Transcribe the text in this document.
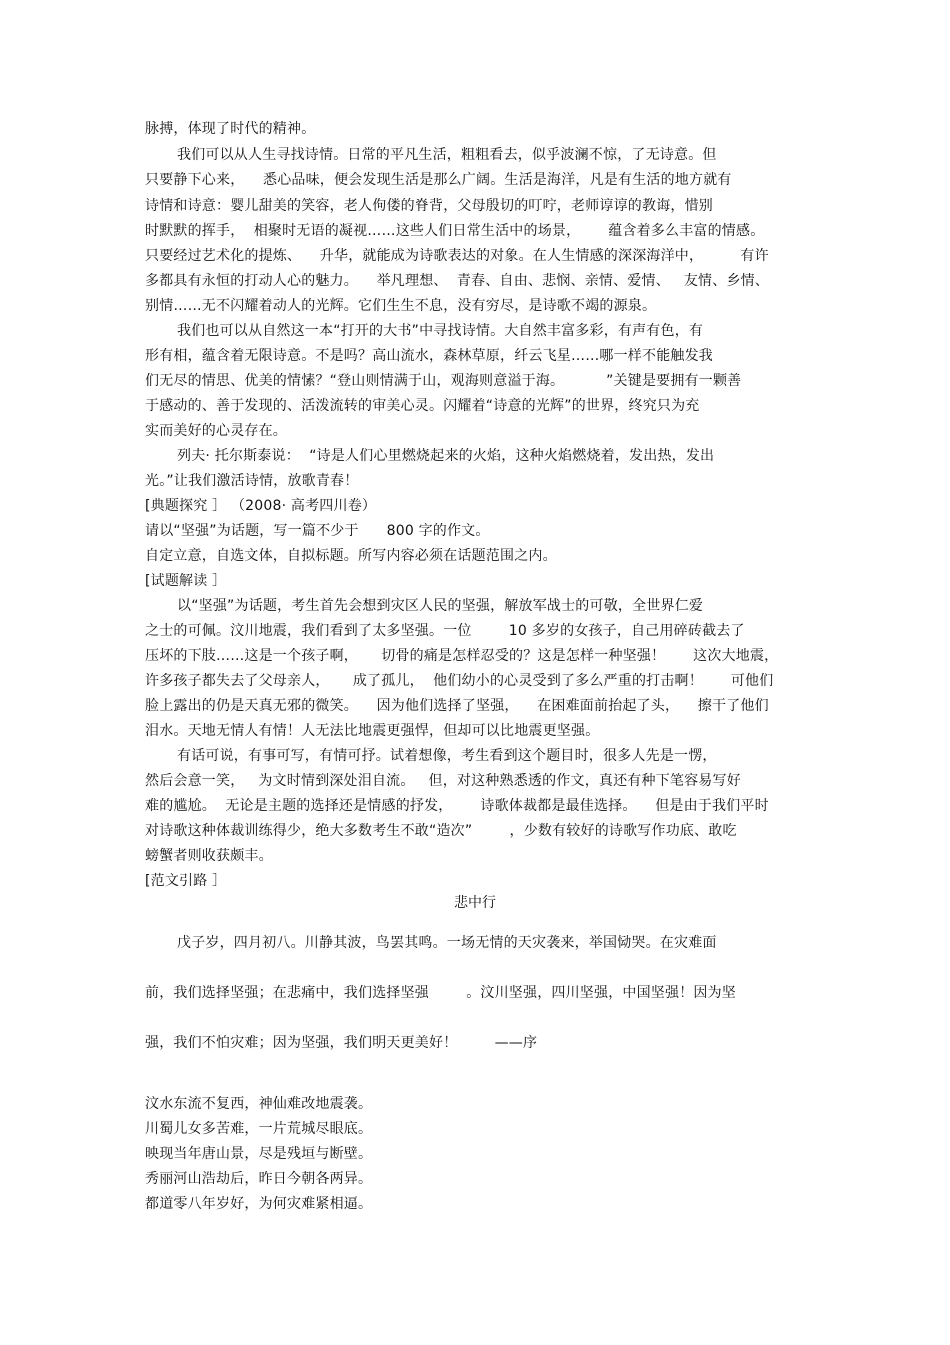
脉搏，体现了时代的精神。
我们可以从人生寻找诗情。日常的平凡生活，粗粗看去，似乎波澜不惊，了无诗意。但
只要静下心来，    悉心品味，便会发现生活是那么广阔。生活是海洋，凡是有生活的地方就有
诗情和诗意：婴儿甜美的笑容，老人佝偻的脊背，父母殷切的叮咛，老师谆谆的教诲，惜别
时默默的挥手，  相聚时无语的凝视……这些人们日常生活中的场景，      蕴含着多么丰富的情感。
只要经过艺术化的提炼、    升华，就能成为诗歌表达的对象。在人生情感的深深海洋中，        有许
多都具有永恒的打动人心的魅力。    举凡理想、  青春、自由、悲悯、亲情、爱情、   友情、乡情、
别情……无不闪耀着动人的光辉。它们生生不息，没有穷尽，是诗歌不竭的源泉。
我们也可以从自然这一本“打开的大书”中寻找诗情。大自然丰富多彩，有声有色，有
形有相，蕴含着无限诗意。不是吗？高山流水，森林草原，纤云飞星……哪一样不能触发我
们无尽的情思、优美的情愫？“登山则情满于山，观海则意溢于海。         ”关键是要拥有一颗善
于感动的、善于发现的、活泼流转的审美心灵。闪耀着“诗意的光辉”的世界，终究只为充
实而美好的心灵存在。
列夫· 托尔斯泰说：  “诗是人们心里燃烧起来的火焰，这种火焰燃烧着，发出热，发出
光。”让我们激活诗情，放歌青春！
[典题探究 ］ （2008· 高考四川卷）
请以“坚强”为话题，写一篇不少于      800 字的作文。
自定立意，自选文体，自拟标题。所写内容必须在话题范围之内。
[试题解读 ］
以“坚强”为话题，考生首先会想到灾区人民的坚强，解放军战士的可敬，全世界仁爱
之士的可佩。汶川地震，我们看到了太多坚强。一位        10 多岁的女孩子，自己用碎砖截去了
压坏的下肢……这是一个孩子啊，     切骨的痛是怎样忍受的？这是怎样一种坚强！      这次大地震，
许多孩子都失去了父母亲人，     成了孤儿，  他们幼小的心灵受到了多么严重的打击啊！      可他们
脸上露出的仍是天真无邪的微笑。    因为他们选择了坚强，    在困难面前抬起了头，    擦干了他们
泪水。天地无情人有情！人无法比地震更强悍，但却可以比地震更坚强。
有话可说，有事可写，有情可抒。试着想像，考生看到这个题目时，很多人先是一愣，
然后会意一笑，   为文时情到深处泪自流。   但，对这种熟悉透的作文，真还有种下笔容易写好
难的尴尬。  无论是主题的选择还是情感的抒发，      诗歌体裁都是最佳选择。    但是由于我们平时
对诗歌这种体裁训练得少，绝大多数考生不敢“造次”        ，少数有较好的诗歌写作功底、敢吃
螃蟹者则收获颇丰。
[范文引路 ］
悲中行
戊子岁，四月初八。川静其波，鸟罢其鸣。一场无情的天灾袭来，举国恸哭。在灾难面
前，我们选择坚强；在悲痛中，我们选择坚强        。汶川坚强，四川坚强，中国坚强！因为坚
强，我们不怕灾难；因为坚强，我们明天更美好！        ——序
汶水东流不复西，神仙难改地震袭。
川蜀儿女多苦难，一片荒城尽眼底。
映现当年唐山景，尽是残垣与断壁。
秀丽河山浩劫后，昨日今朝各两异。
都道零八年岁好，为何灾难紧相逼。
